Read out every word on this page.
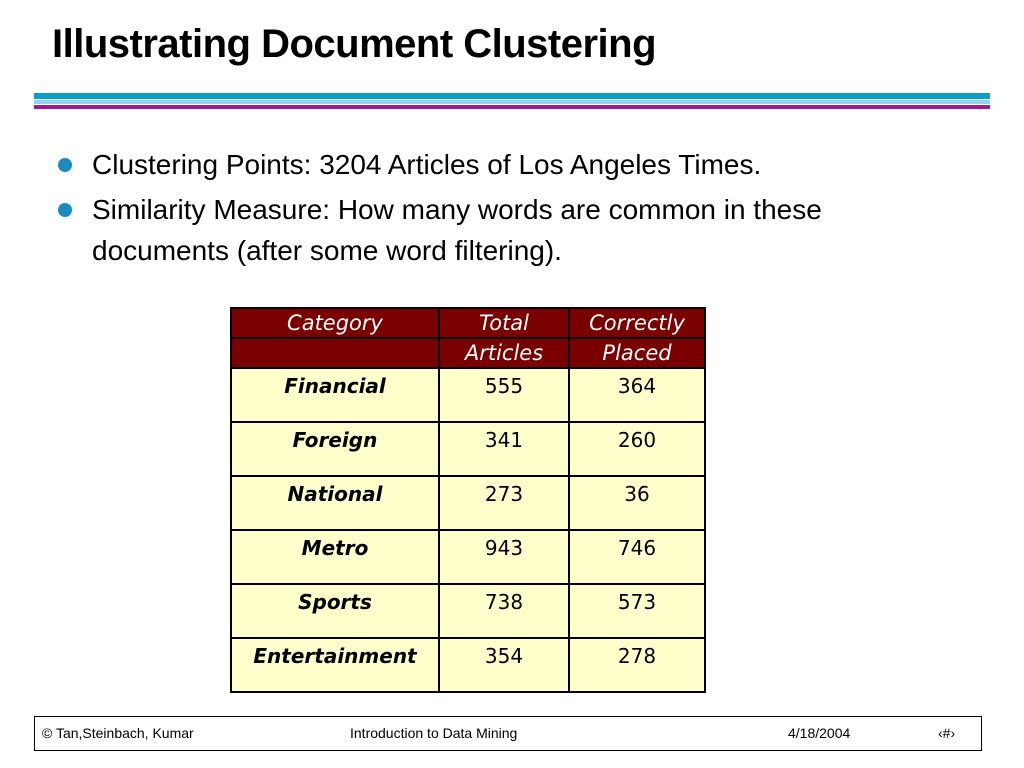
Illustrating Document Clustering
Clustering Points: 3204 Articles of Los Angeles Times.
Similarity Measure: How many words are common in these documents (after some word filtering).
Category	Total	Correctly
	Articles	Placed
Financial	555	364
Foreign	341	260
National	273	36
Metro	943	746
Sports	738	573
Entertainment	354	278
© Tan,Steinbach, Kumar	Introduction to Data Mining	4/18/2004	‹#›
